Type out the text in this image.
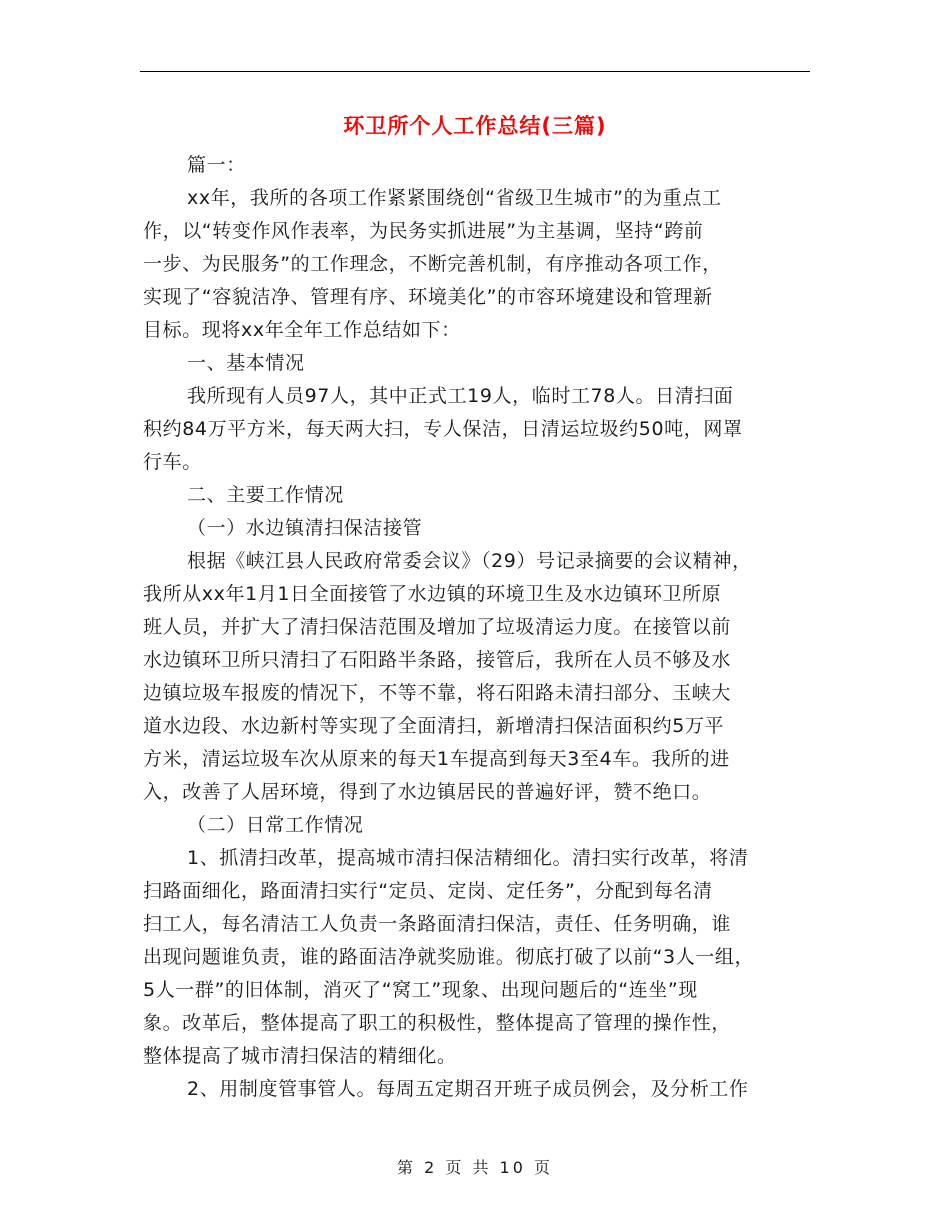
环卫所个人工作总结(三篇)
篇一：
xx年，我所的各项工作紧紧围绕创“省级卫生城市”的为重点工
作，以“转变作风作表率，为民务实抓进展”为主基调，坚持“跨前
一步、为民服务”的工作理念，不断完善机制，有序推动各项工作，
实现了“容貌洁净、管理有序、环境美化”的市容环境建设和管理新
目标。现将xx年全年工作总结如下：
一、基本情况
我所现有人员97人，其中正式工19人，临时工78人。日清扫面
积约84万平方米，每天两大扫，专人保洁，日清运垃圾约50吨，网罩
行车。
二、主要工作情况
（一）水边镇清扫保洁接管
根据《峡江县人民政府常委会议》（29）号记录摘要的会议精神，
我所从xx年1月1日全面接管了水边镇的环境卫生及水边镇环卫所原
班人员，并扩大了清扫保洁范围及增加了垃圾清运力度。在接管以前
水边镇环卫所只清扫了石阳路半条路，接管后，我所在人员不够及水
边镇垃圾车报废的情况下，不等不靠，将石阳路未清扫部分、玉峡大
道水边段、水边新村等实现了全面清扫，新增清扫保洁面积约5万平
方米，清运垃圾车次从原来的每天1车提高到每天3至4车。我所的进
入，改善了人居环境，得到了水边镇居民的普遍好评，赞不绝口。
（二）日常工作情况
1、抓清扫改革，提高城市清扫保洁精细化。清扫实行改革，将清
扫路面细化，路面清扫实行“定员、定岗、定任务”，分配到每名清
扫工人，每名清洁工人负责一条路面清扫保洁，责任、任务明确，谁
出现问题谁负责，谁的路面洁净就奖励谁。彻底打破了以前“3人一组，
5人一群”的旧体制，消灭了“窝工”现象、出现问题后的“连坐”现
象。改革后，整体提高了职工的积极性，整体提高了管理的操作性，
整体提高了城市清扫保洁的精细化。
2、用制度管事管人。每周五定期召开班子成员例会，及分析工作
第 2 页 共 10 页
